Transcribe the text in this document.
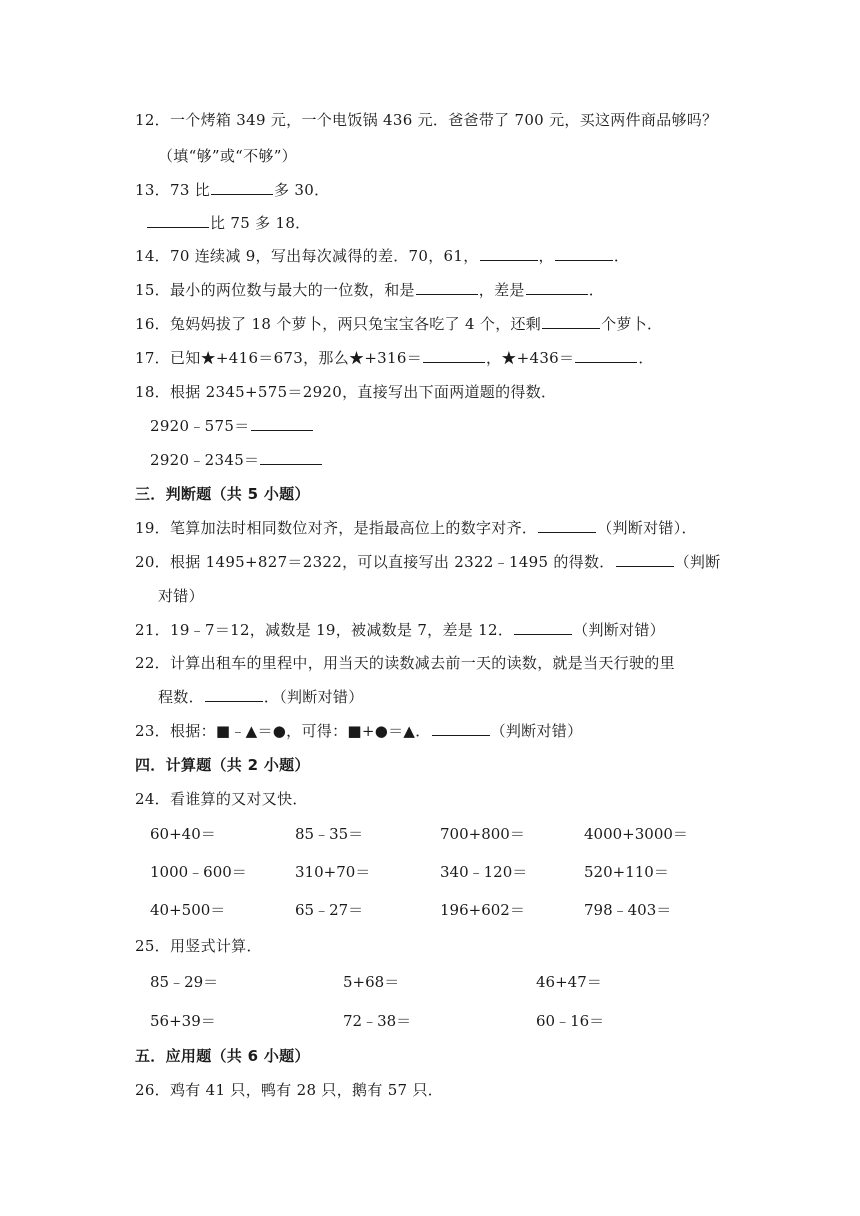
12．一个烤箱 349 元，一个电饭锅 436 元．爸爸带了 700 元，买这两件商品够吗？
（填“够”或“不够”）
13．73 比	多 30．
比 75 多 18．
14．70 连续减 9，写出每次减得的差．70，61，	，	．
15．最小的两位数与最大的一位数，和是	，差是	．
16．兔妈妈拔了 18 个萝卜，两只兔宝宝各吃了 4 个，还剩	个萝卜．
17．已知★+416＝673，那么★+316＝	，★+436＝	．
18．根据 2345+575＝2920，直接写出下面两道题的得数．
2920﹣575＝
2920﹣2345＝
三．判断题（共 5 小题）
19．笔算加法时相同数位对齐，是指最高位上的数字对齐．	（判断对错）．
20．根据 1495+827＝2322，可以直接写出 2322﹣1495 的得数．	（判断
对错）
21．19﹣7＝12，减数是 19，被减数是 7，差是 12．	（判断对错）
22．计算出租车的里程中，用当天的读数减去前一天的读数，就是当天行驶的里
程数．	．（判断对错）
23．根据：■﹣▲＝●，可得：■+●＝▲．	（判断对错）
四．计算题（共 2 小题）
24．看谁算的又对又快．
60+40＝	85﹣35＝	700+800＝	4000+3000＝
1000﹣600＝	310+70＝	340﹣120＝	520+110＝
40+500＝	65﹣27＝	196+602＝	798﹣403＝
25．用竖式计算．
85﹣29＝	5+68＝	46+47＝
56+39＝	72﹣38＝	60﹣16＝
五．应用题（共 6 小题）
26．鸡有 41 只，鸭有 28 只，鹅有 57 只．
